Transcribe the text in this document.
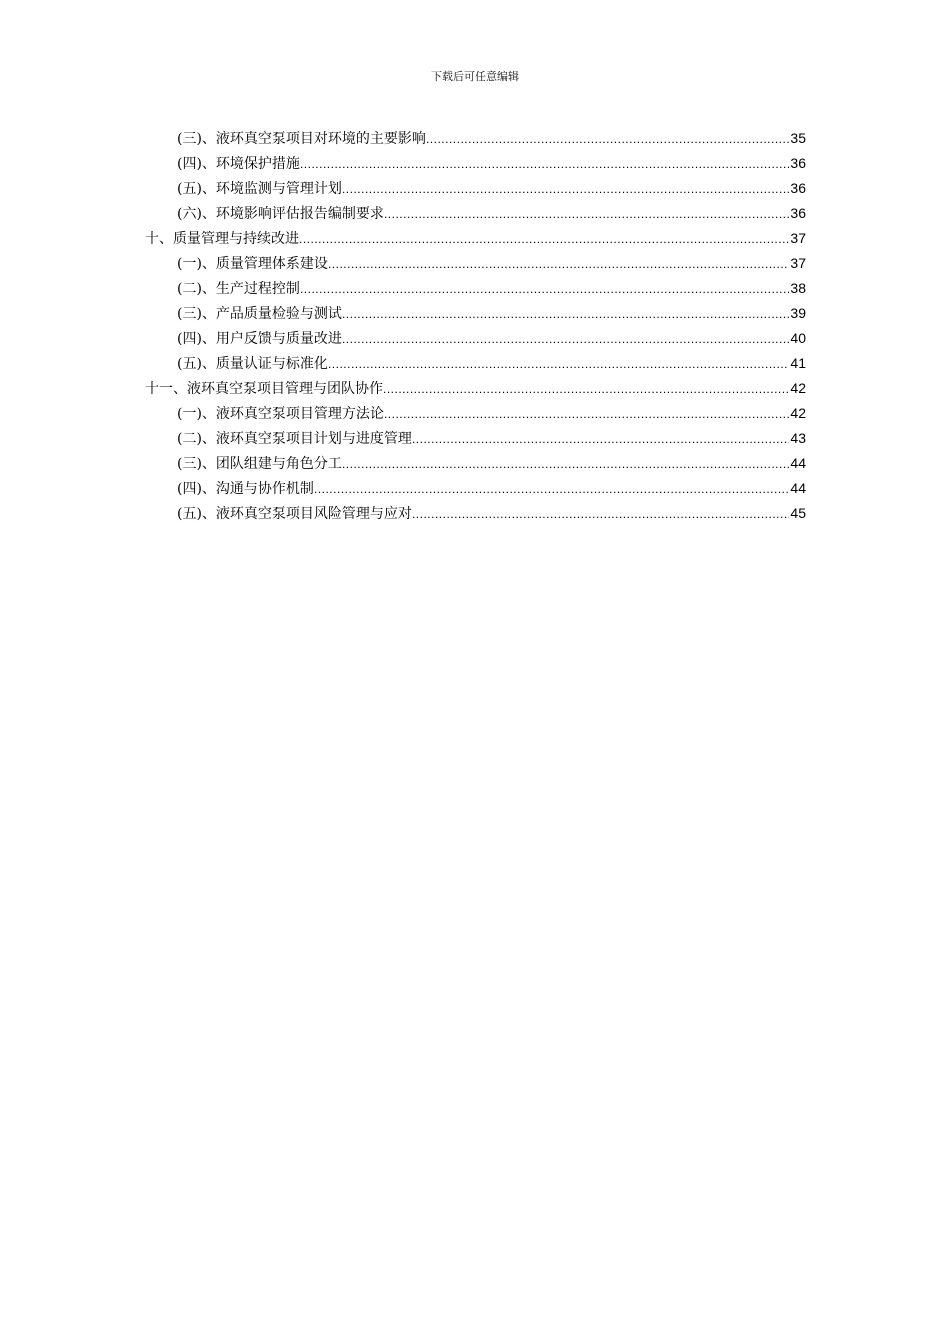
下载后可任意编辑
(三)、液环真空泵项目对环境的主要影响 .....	35
(四)、环境保护措施 .....	36
(五)、环境监测与管理计划 .....	36
(六)、环境影响评估报告编制要求 .....	36
十、质量管理与持续改进 .....	37
(一)、质量管理体系建设 .....	37
(二)、生产过程控制 .....	38
(三)、产品质量检验与测试 .....	39
(四)、用户反馈与质量改进 .....	40
(五)、质量认证与标准化 .....	41
十一、液环真空泵项目管理与团队协作 .....	42
(一)、液环真空泵项目管理方法论 .....	42
(二)、液环真空泵项目计划与进度管理 .....	43
(三)、团队组建与角色分工 .....	44
(四)、沟通与协作机制 .....	44
(五)、液环真空泵项目风险管理与应对 .....	45
